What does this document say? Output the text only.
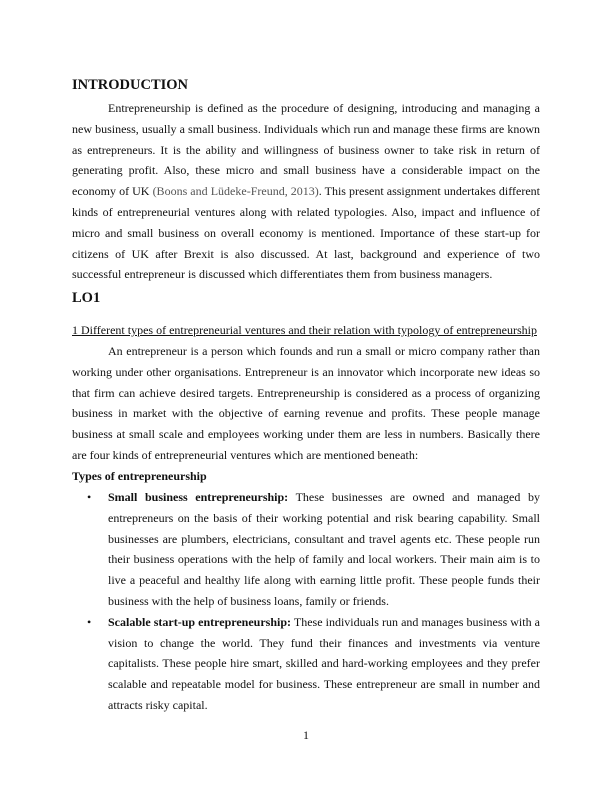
INTRODUCTION

Entrepreneurship is defined as the procedure of designing, introducing and managing a new business, usually a small business. Individuals which run and manage these firms are known as entrepreneurs. It is the ability and willingness of business owner to take risk in return of generating profit. Also, these micro and small business have a considerable impact on the economy of UK (Boons and Lüdeke-Freund, 2013). This present assignment undertakes different kinds of entrepreneurial ventures along with related typologies. Also, impact and influence of micro and small business on overall economy is mentioned. Importance of these start-up for citizens of UK after Brexit is also discussed. At last, background and experience of two successful entrepreneur is discussed which differentiates them from business managers.

LO1

1 Different types of entrepreneurial ventures and their relation with typology of entrepreneurship

An entrepreneur is a person which founds and run a small or micro company rather than working under other organisations. Entrepreneur is an innovator which incorporate new ideas so that firm can achieve desired targets. Entrepreneurship is considered as a process of organizing business in market with the objective of earning revenue and profits. These people manage business at small scale and employees working under them are less in numbers. Basically there are four kinds of entrepreneurial ventures which are mentioned beneath:

Types of entrepreneurship

• Small business entrepreneurship: These businesses are owned and managed by entrepreneurs on the basis of their working potential and risk bearing capability. Small businesses are plumbers, electricians, consultant and travel agents etc. These people run their business operations with the help of family and local workers. Their main aim is to live a peaceful and healthy life along with earning little profit. These people funds their business with the help of business loans, family or friends.
• Scalable start-up entrepreneurship: These individuals run and manages business with a vision to change the world. They fund their finances and investments via venture capitalists. These people hire smart, skilled and hard-working employees and they prefer scalable and repeatable model for business. These entrepreneur are small in number and attracts risky capital.
1
